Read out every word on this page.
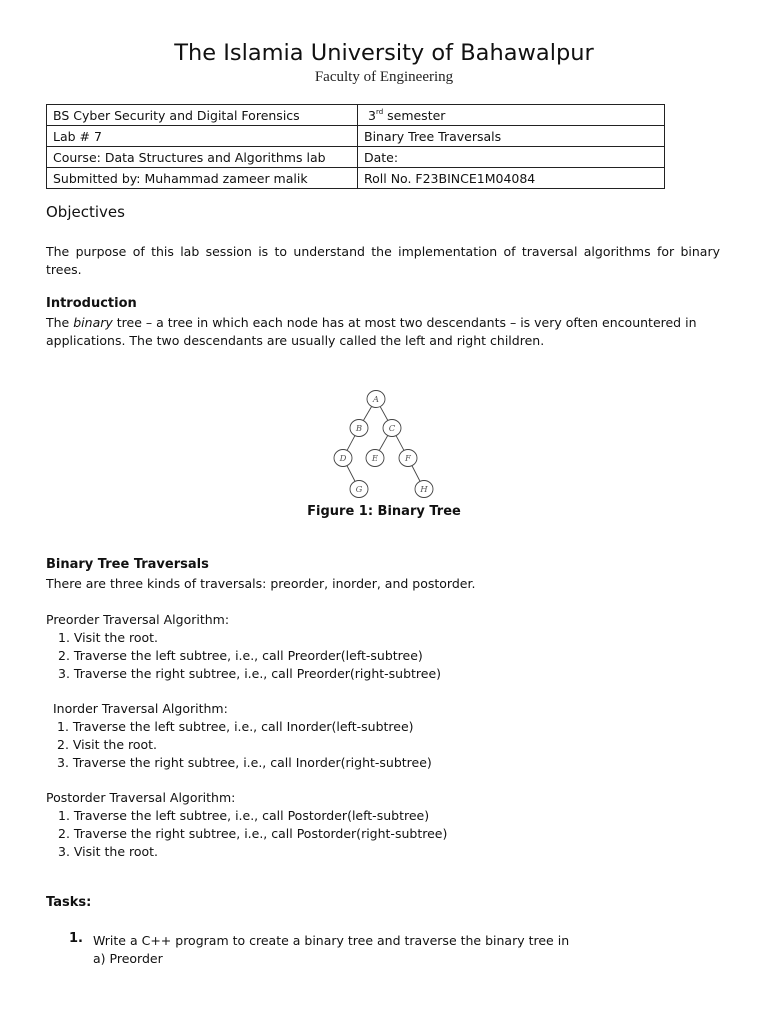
The Islamia University of Bahawalpur
Faculty of Engineering
BS Cyber Security and Digital Forensics	3rd semester
Lab # 7	Binary Tree Traversals
Course: Data Structures and Algorithms lab	Date:
Submitted by: Muhammad zameer malik	Roll No. F23BINCE1M04084
Objectives
The purpose of this lab session is to understand the implementation of traversal algorithms for binary trees.
Introduction
The binary tree – a tree in which each node has at most two descendants – is very often encountered in applications. The two descendants are usually called the left and right children.
A
B	C
D	E	F
G	H
Figure 1: Binary Tree
Binary Tree Traversals
There are three kinds of traversals: preorder, inorder, and postorder.
Preorder Traversal Algorithm:
1. Visit the root.
2. Traverse the left subtree, i.e., call Preorder(left-subtree)
3. Traverse the right subtree, i.e., call Preorder(right-subtree)
Inorder Traversal Algorithm:
1. Traverse the left subtree, i.e., call Inorder(left-subtree)
2. Visit the root.
3. Traverse the right subtree, i.e., call Inorder(right-subtree)
Postorder Traversal Algorithm:
1. Traverse the left subtree, i.e., call Postorder(left-subtree)
2. Traverse the right subtree, i.e., call Postorder(right-subtree)
3. Visit the root.
Tasks:
1. Write a C++ program to create a binary tree and traverse the binary tree in
a) Preorder
